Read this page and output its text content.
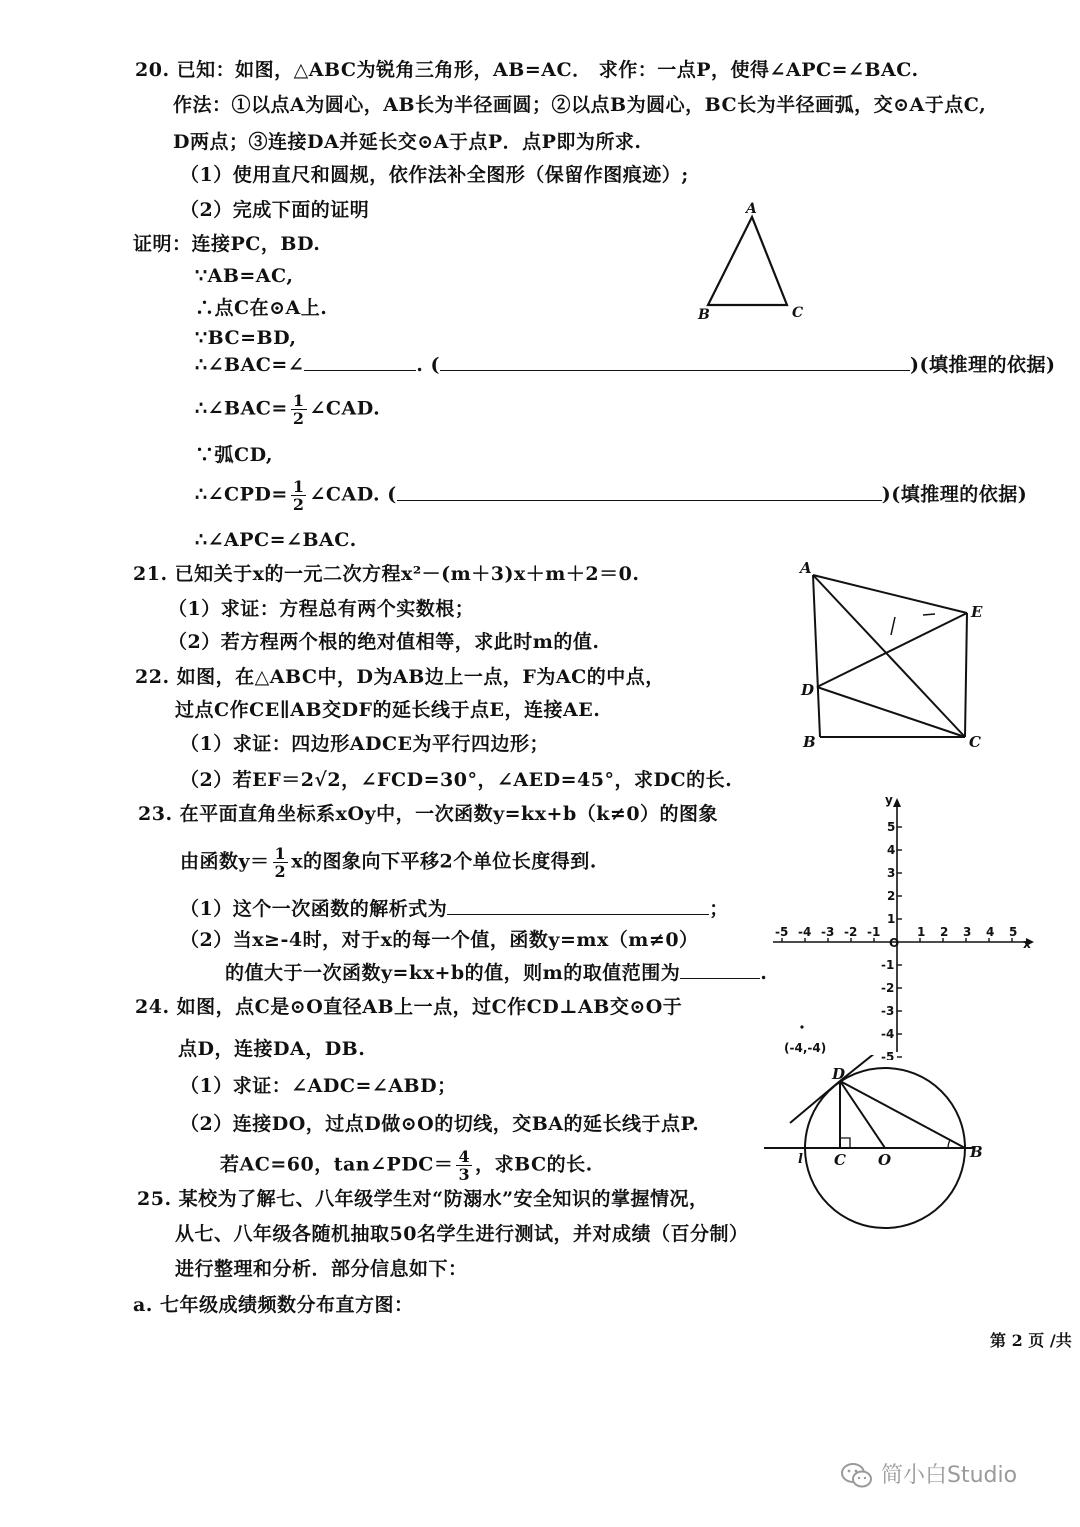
20. 已知：如图，△ABC为锐角三角形，AB=AC． 求作：一点P，使得∠APC=∠BAC.
作法：①以点A为圆心，AB长为半径画圆；②以点B为圆心，BC长为半径画弧，交⊙A于点C,
D两点；③连接DA并延长交⊙A于点P．点P即为所求.
（1）使用直尺和圆规，依作法补全图形（保留作图痕迹）;
（2）完成下面的证明
证明：连接PC，BD.
∵AB=AC,
∴点C在⊙A上.
∵BC=BD,
∴∠BAC=∠	. (	)(填推理的依据)
∴∠BAC= $\frac{1}{2}$ ∠CAD.
∵弧CD,
∴∠CPD= $\frac{1}{2}$ ∠CAD. (	)(填推理的依据)
∴∠APC=∠BAC.
A
B	C
21. 已知关于x的一元二次方程x²－(m＋3)x＋m＋2＝0.
（1）求证：方程总有两个实数根；
（2）若方程两个根的绝对值相等，求此时m的值.
22. 如图，在△ABC中，D为AB边上一点，F为AC的中点，
过点C作CE∥AB交DF的延长线于点E，连接AE.
（1）求证：四边形ADCE为平行四边形；
（2）若EF＝2√2，∠FCD=30°，∠AED=45°，求DC的长.
A
E
D
B	C
23. 在平面直角坐标系xOy中，一次函数y=kx+b（k≠0）的图象
由函数$y= \frac{1}{2}$ x的图象向下平移2个单位长度得到.
（1）这个一次函数的解析式为	；
（2）当x≥-4时，对于x的每一个值，函数y=mx（m≠0）
的值大于一次函数y=kx+b的值，则m的取值范围为	.
-5 -4 -3 -2 -1	1 2 3 4 5
5
4
3
2
1
-1
-2
-3
-4
-5
x
y
O
(-4,-4)
24. 如图，点C是⊙O直径AB上一点，过C作CD⊥AB交⊙O于
点D，连接DA，DB.
（1）求证：∠ADC=∠ABD；
（2）连接DO，过点D做⊙O的切线，交BA的延长线于点P.
若AC=60，tan∠PDC＝ $\frac{4}{3}$ ，求BC的长.
D
C O	B
l
25. 某校为了解七、八年级学生对“防溺水”安全知识的掌握情况，
从七、八年级各随机抽取50名学生进行测试，并对成绩（百分制）
进行整理和分析．部分信息如下：
a. 七年级成绩频数分布直方图：
第 2 页 /共
简小白Studio
